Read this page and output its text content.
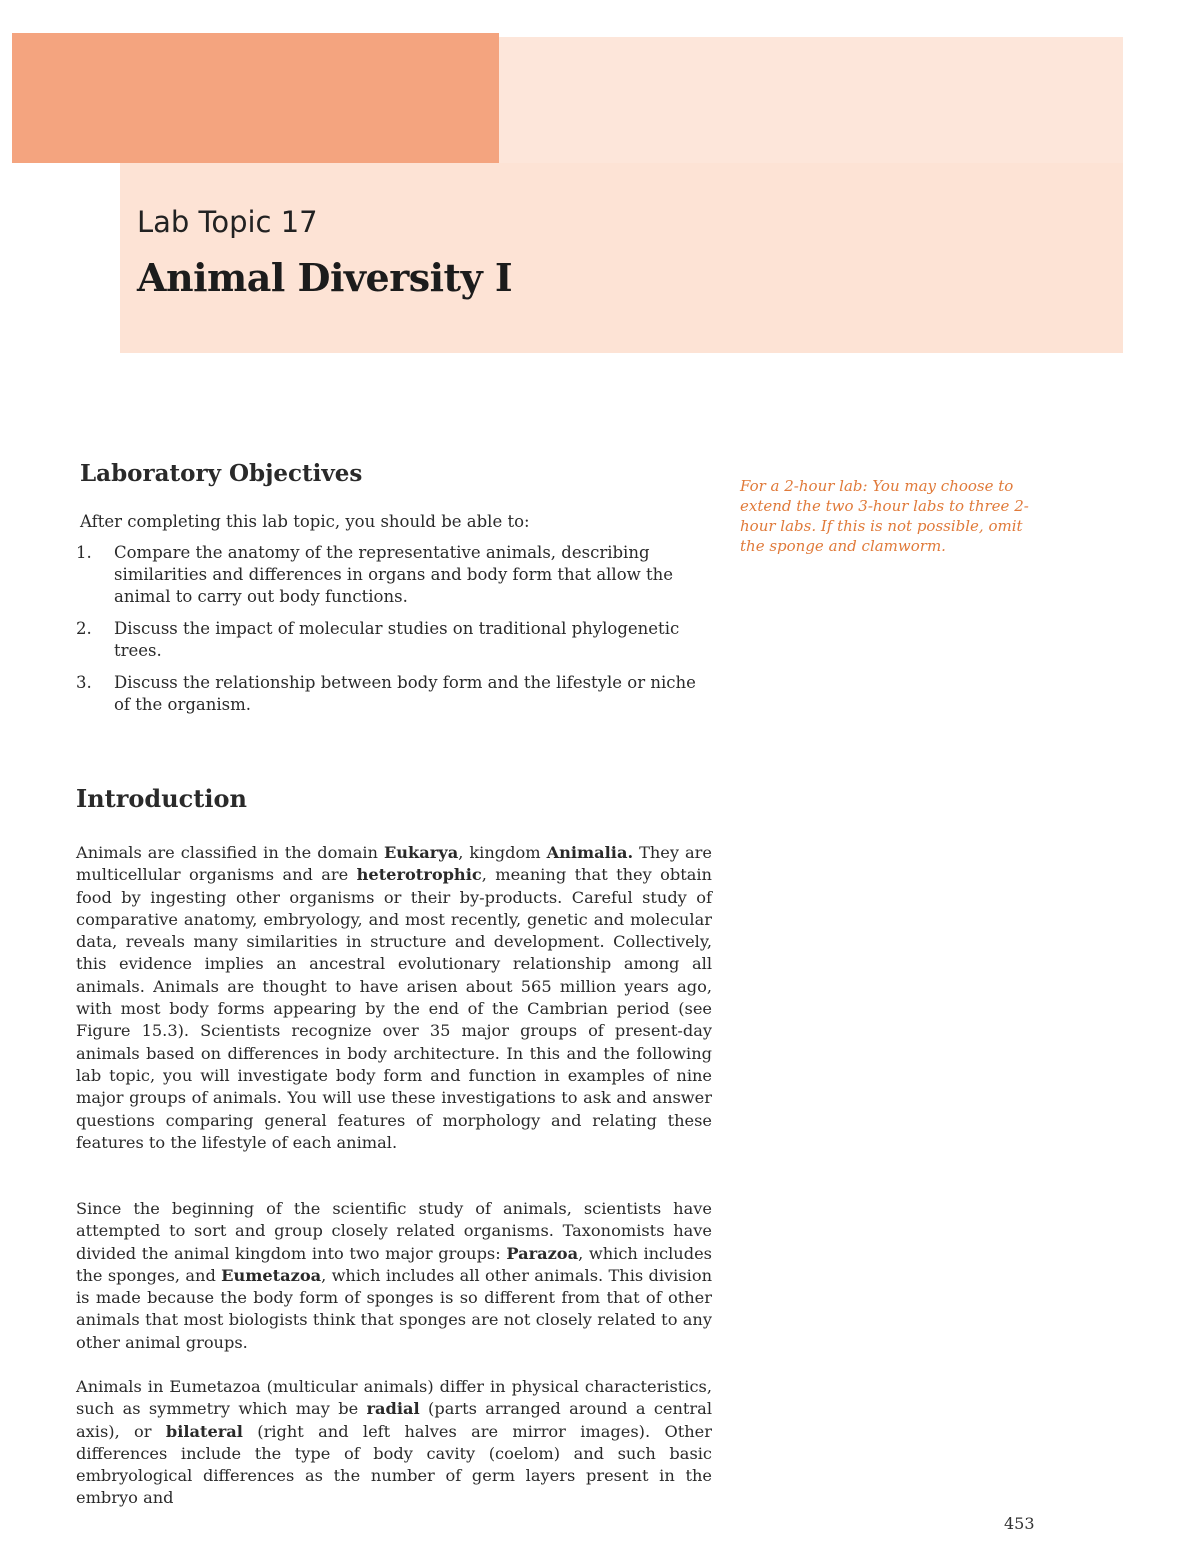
Lab Topic 17
Animal Diversity I
Laboratory Objectives
After completing this lab topic, you should be able to:
1. Compare the anatomy of the representative animals, describing similarities and differences in organs and body form that allow the animal to carry out body functions.
2. Discuss the impact of molecular studies on traditional phylogenetic trees.
3. Discuss the relationship between body form and the lifestyle or niche of the organism.
For a 2-hour lab: You may choose to extend the two 3-hour labs to three 2-hour labs. If this is not possible, omit the sponge and clamworm.
Introduction

Animals are classified in the domain Eukarya, kingdom Animalia. They are multicellular organisms and are heterotrophic, meaning that they obtain food by ingesting other organisms or their by-products. Careful study of comparative anatomy, embryology, and most recently, genetic and molecular data, reveals many similarities in structure and development. Collectively, this evidence implies an ancestral evolutionary relationship among all animals. Animals are thought to have arisen about 565 million years ago, with most body forms appearing by the end of the Cambrian period (see Figure 15.3). Scientists recognize over 35 major groups of present-day animals based on differences in body architecture. In this and the following lab topic, you will investigate body form and function in examples of nine major groups of animals. You will use these investigations to ask and answer questions comparing general features of morphology and relating these features to the lifestyle of each animal.

Since the beginning of the scientific study of animals, scientists have attempted to sort and group closely related organisms. Taxonomists have divided the animal kingdom into two major groups: Parazoa, which includes the sponges, and Eumetazoa, which includes all other animals. This division is made because the body form of sponges is so different from that of other animals that most biologists think that sponges are not closely related to any other animal groups.

Animals in Eumetazoa (multicular animals) differ in physical characteristics, such as symmetry which may be radial (parts arranged around a central axis), or bilateral (right and left halves are mirror images). Other differences include the type of body cavity (coelom) and such basic embryological differences as the number of germ layers present in the embryo and

453
